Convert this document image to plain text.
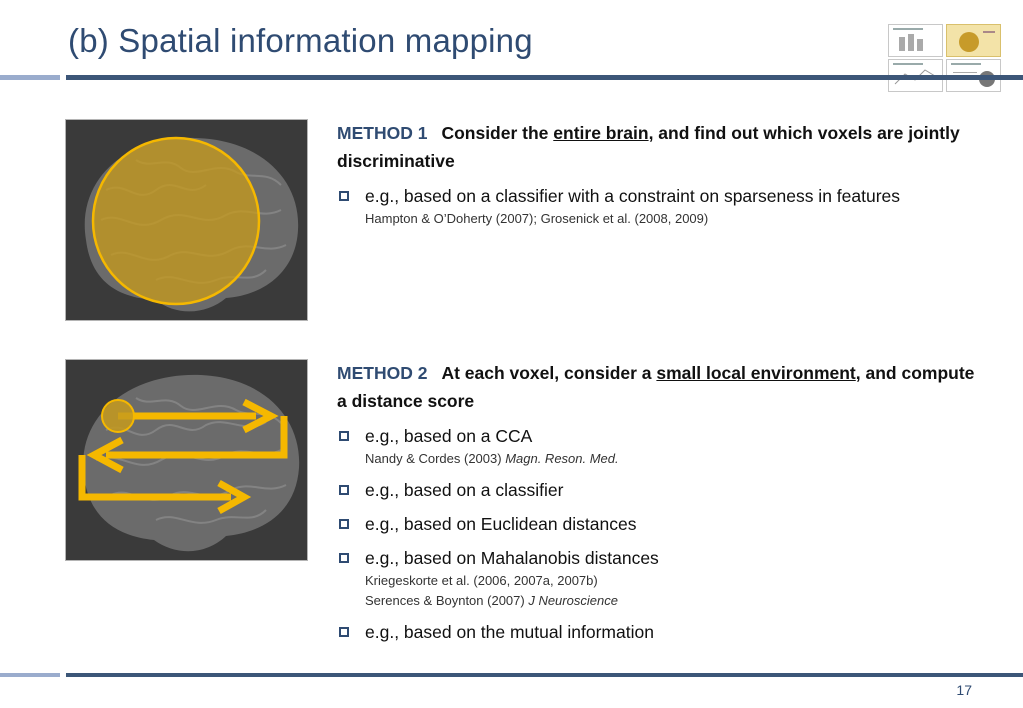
(b) Spatial information mapping
METHOD 1 Consider the entire brain, and find out which voxels are jointly discriminative
e.g., based on a classifier with a constraint on sparseness in features
Hampton & O’Doherty (2007); Grosenick et al. (2008, 2009)
METHOD 2 At each voxel, consider a small local environment, and compute a distance score
e.g., based on a CCA
Nandy & Cordes (2003) Magn. Reson. Med.
e.g., based on a classifier
e.g., based on Euclidean distances
e.g., based on Mahalanobis distances
Kriegeskorte et al. (2006, 2007a, 2007b)
Serences & Boynton (2007) J Neuroscience
e.g., based on the mutual information
17
